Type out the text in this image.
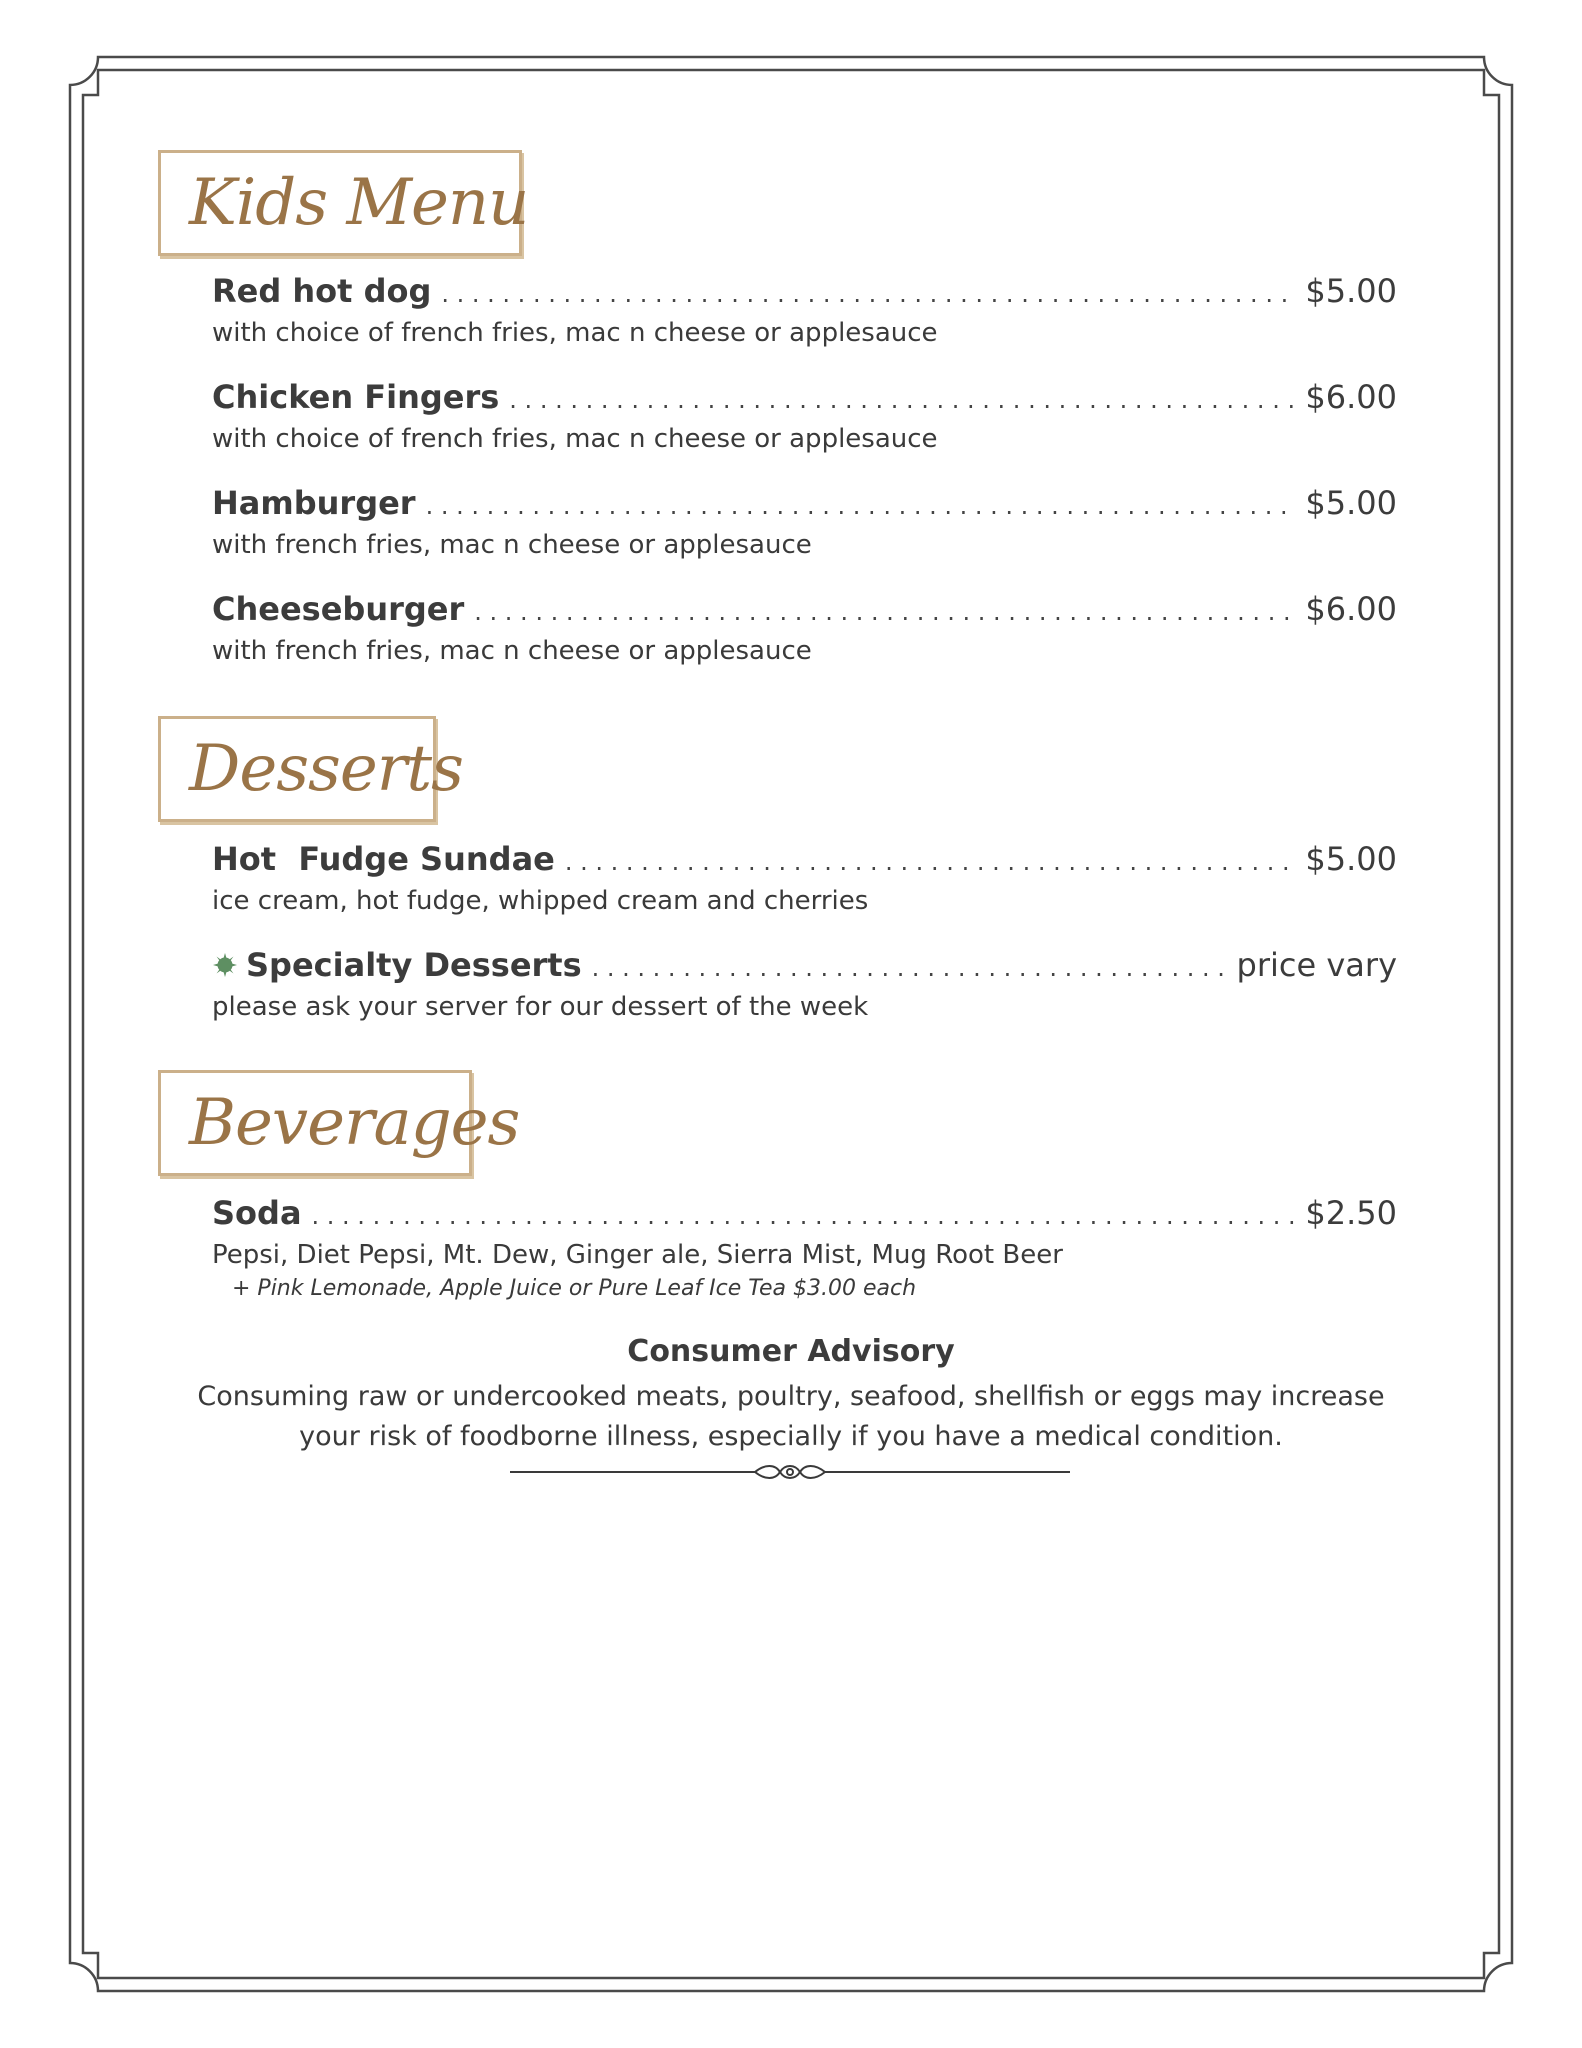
Kids Menu
Red hot dog . . .	$5.00
with choice of french fries, mac n cheese or applesauce
Chicken Fingers . . .	$6.00
with choice of french fries, mac n cheese or applesauce
Hamburger . . .	$5.00
with french fries, mac n cheese or applesauce
Cheeseburger . . .	$6.00
with french fries, mac n cheese or applesauce
Desserts
Hot  Fudge Sundae . . .	$5.00
ice cream, hot fudge, whipped cream and cherries
Specialty Desserts . . .	price vary
please ask your server for our dessert of the week
Beverages
Soda . . .	$2.50
Pepsi, Diet Pepsi, Mt. Dew, Ginger ale, Sierra Mist, Mug Root Beer
+ Pink Lemonade, Apple Juice or Pure Leaf Ice Tea $3.00 each
Consumer Advisory
Consuming raw or undercooked meats, poultry, seafood, shellfish or eggs may increase
your risk of foodborne illness, especially if you have a medical condition.
